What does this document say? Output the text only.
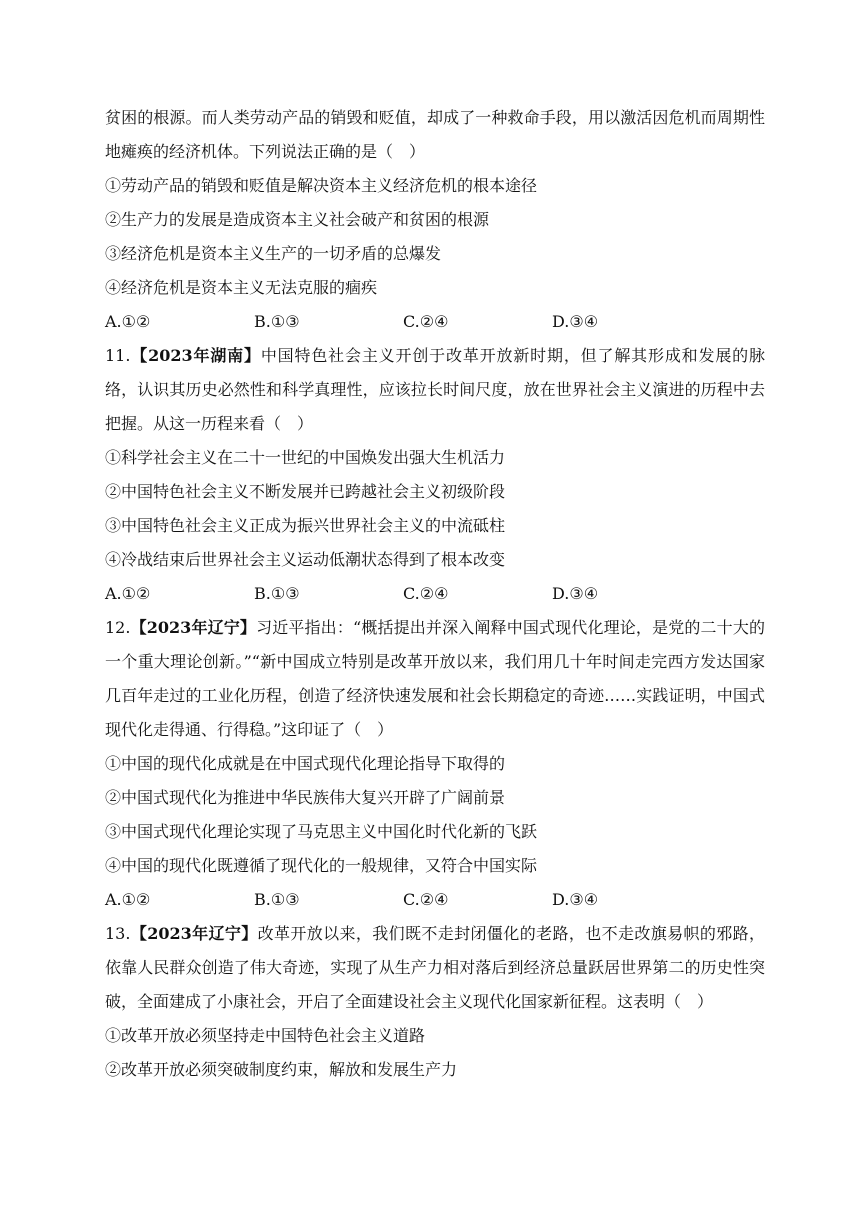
贫困的根源。而人类劳动产品的销毁和贬值，却成了一种救命手段，用以激活因危机而周期性地瘫痪的经济机体。下列说法正确的是（　）
①劳动产品的销毁和贬值是解决资本主义经济危机的根本途径
②生产力的发展是造成资本主义社会破产和贫困的根源
③经济危机是资本主义生产的一切矛盾的总爆发
④经济危机是资本主义无法克服的痼疾
A.①②	B.①③	C.②④	D.③④
11.【2023年湖南】中国特色社会主义开创于改革开放新时期，但了解其形成和发展的脉络，认识其历史必然性和科学真理性，应该拉长时间尺度，放在世界社会主义演进的历程中去把握。从这一历程来看（　）
①科学社会主义在二十一世纪的中国焕发出强大生机活力
②中国特色社会主义不断发展并已跨越社会主义初级阶段
③中国特色社会主义正成为振兴世界社会主义的中流砥柱
④冷战结束后世界社会主义运动低潮状态得到了根本改变
A.①②	B.①③	C.②④	D.③④
12.【2023年辽宁】习近平指出：“概括提出并深入阐释中国式现代化理论，是党的二十大的一个重大理论创新。”“新中国成立特别是改革开放以来，我们用几十年时间走完西方发达国家几百年走过的工业化历程，创造了经济快速发展和社会长期稳定的奇迹……实践证明，中国式现代化走得通、行得稳。”这印证了（　）
①中国的现代化成就是在中国式现代化理论指导下取得的
②中国式现代化为推进中华民族伟大复兴开辟了广阔前景
③中国式现代化理论实现了马克思主义中国化时代化新的飞跃
④中国的现代化既遵循了现代化的一般规律，又符合中国实际
A.①②	B.①③	C.②④	D.③④
13.【2023年辽宁】改革开放以来，我们既不走封闭僵化的老路，也不走改旗易帜的邪路，依靠人民群众创造了伟大奇迹，实现了从生产力相对落后到经济总量跃居世界第二的历史性突破，全面建成了小康社会，开启了全面建设社会主义现代化国家新征程。这表明（　）
①改革开放必须坚持走中国特色社会主义道路
②改革开放必须突破制度约束，解放和发展生产力
